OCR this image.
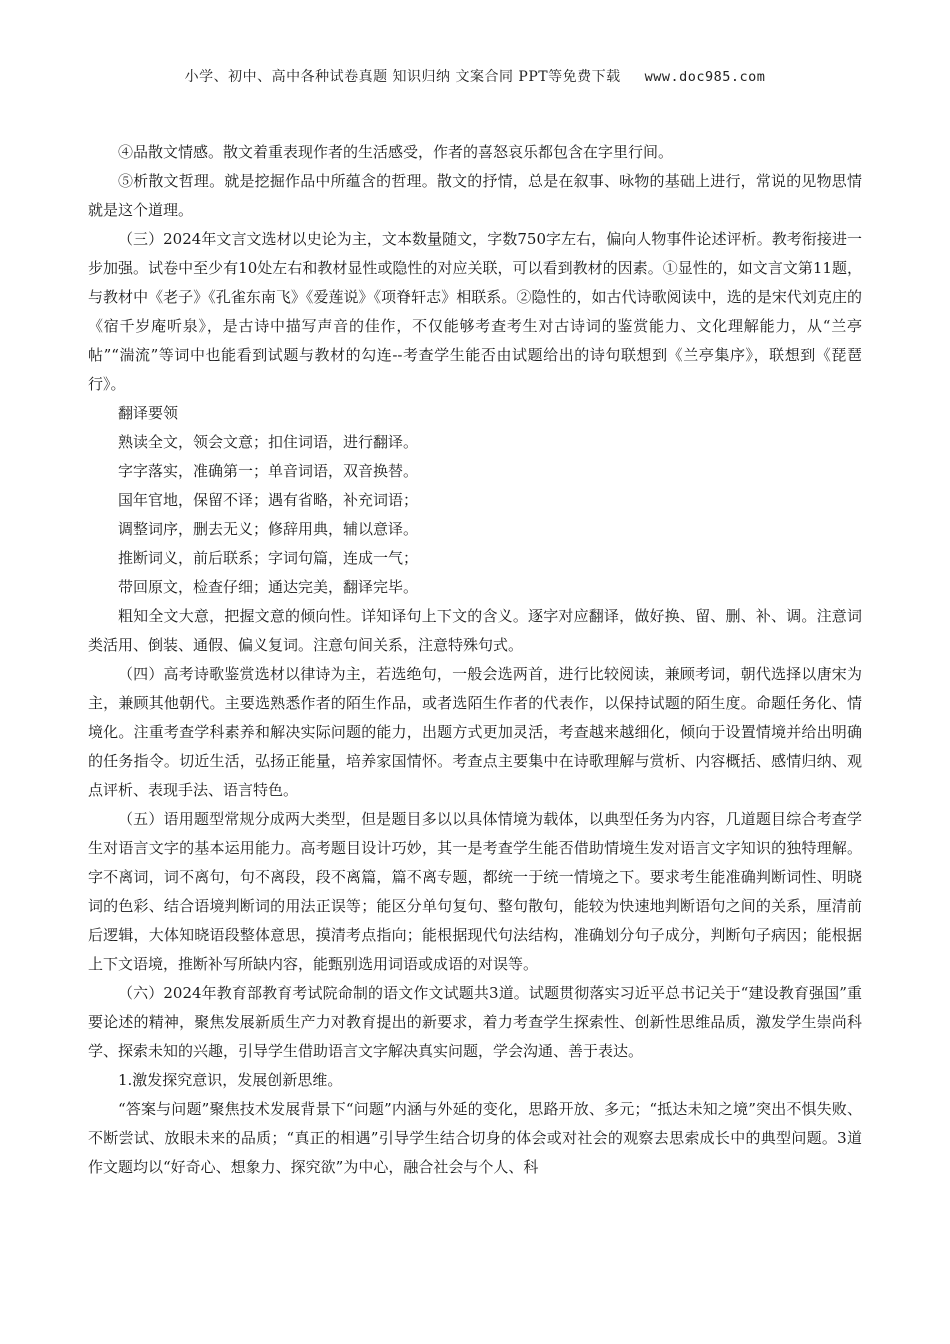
小学、初中、高中各种试卷真题 知识归纳 文案合同 PPT等免费下载 www.doc985.com

④品散文情感。散文着重表现作者的生活感受，作者的喜怒哀乐都包含在字里行间。

⑤析散文哲理。就是挖掘作品中所蕴含的哲理。散文的抒情，总是在叙事、咏物的基础上进行，常说的见物思情就是这个道理。

（三）2024年文言文选材以史论为主，文本数量随文，字数750字左右，偏向人物事件论述评析。教考衔接进一步加强。试卷中至少有10处左右和教材显性或隐性的对应关联，可以看到教材的因素。①显性的，如文言文第11题，与教材中《老子》《孔雀东南飞》《爱莲说》《项脊轩志》相联系。②隐性的，如古代诗歌阅读中，选的是宋代刘克庄的《宿千岁庵听泉》，是古诗中描写声音的佳作，不仅能够考查考生对古诗词的鉴赏能力、文化理解能力，从“兰亭帖”“湍流”等词中也能看到试题与教材的勾连--考查学生能否由试题给出的诗句联想到《兰亭集序》，联想到《琵琶行》。

翻译要领

熟读全文，领会文意；扣住词语，进行翻译。

字字落实，准确第一；单音词语，双音换替。

国年官地，保留不译；遇有省略，补充词语；

调整词序，删去无义；修辞用典，辅以意译。

推断词义，前后联系；字词句篇，连成一气；

带回原文，检查仔细；通达完美，翻译完毕。

粗知全文大意，把握文意的倾向性。详知译句上下文的含义。逐字对应翻译，做好换、留、删、补、调。注意词类活用、倒装、通假、偏义复词。注意句间关系，注意特殊句式。

（四）高考诗歌鉴赏选材以律诗为主，若选绝句，一般会选两首，进行比较阅读，兼顾考词，朝代选择以唐宋为主，兼顾其他朝代。主要选熟悉作者的陌生作品，或者选陌生作者的代表作，以保持试题的陌生度。命题任务化、情境化。注重考查学科素养和解决实际问题的能力，出题方式更加灵活，考查越来越细化，倾向于设置情境并给出明确的任务指令。切近生活，弘扬正能量，培养家国情怀。考查点主要集中在诗歌理解与赏析、内容概括、感情归纳、观点评析、表现手法、语言特色。

（五）语用题型常规分成两大类型，但是题目多以以具体情境为载体，以典型任务为内容，几道题目综合考查学生对语言文字的基本运用能力。高考题目设计巧妙，其一是考查学生能否借助情境生发对语言文字知识的独特理解。字不离词，词不离句，句不离段，段不离篇，篇不离专题，都统一于统一情境之下。要求考生能准确判断词性、明晓词的色彩、结合语境判断词的用法正误等；能区分单句复句、整句散句，能较为快速地判断语句之间的关系，厘清前后逻辑，大体知晓语段整体意思，摸清考点指向；能根据现代句法结构，准确划分句子成分，判断句子病因；能根据上下文语境，推断补写所缺内容，能甄别选用词语或成语的对误等。

（六）2024年教育部教育考试院命制的语文作文试题共3道。试题贯彻落实习近平总书记关于“建设教育强国”重要论述的精神，聚焦发展新质生产力对教育提出的新要求，着力考查学生探索性、创新性思维品质，激发学生崇尚科学、探索未知的兴趣，引导学生借助语言文字解决真实问题，学会沟通、善于表达。

1.激发探究意识，发展创新思维。

“答案与问题”聚焦技术发展背景下“问题”内涵与外延的变化，思路开放、多元；“抵达未知之境”突出不惧失败、不断尝试、放眼未来的品质；“真正的相遇”引导学生结合切身的体会或对社会的观察去思索成长中的典型问题。3道作文题均以“好奇心、想象力、探究欲”为中心，融合社会与个人、科
